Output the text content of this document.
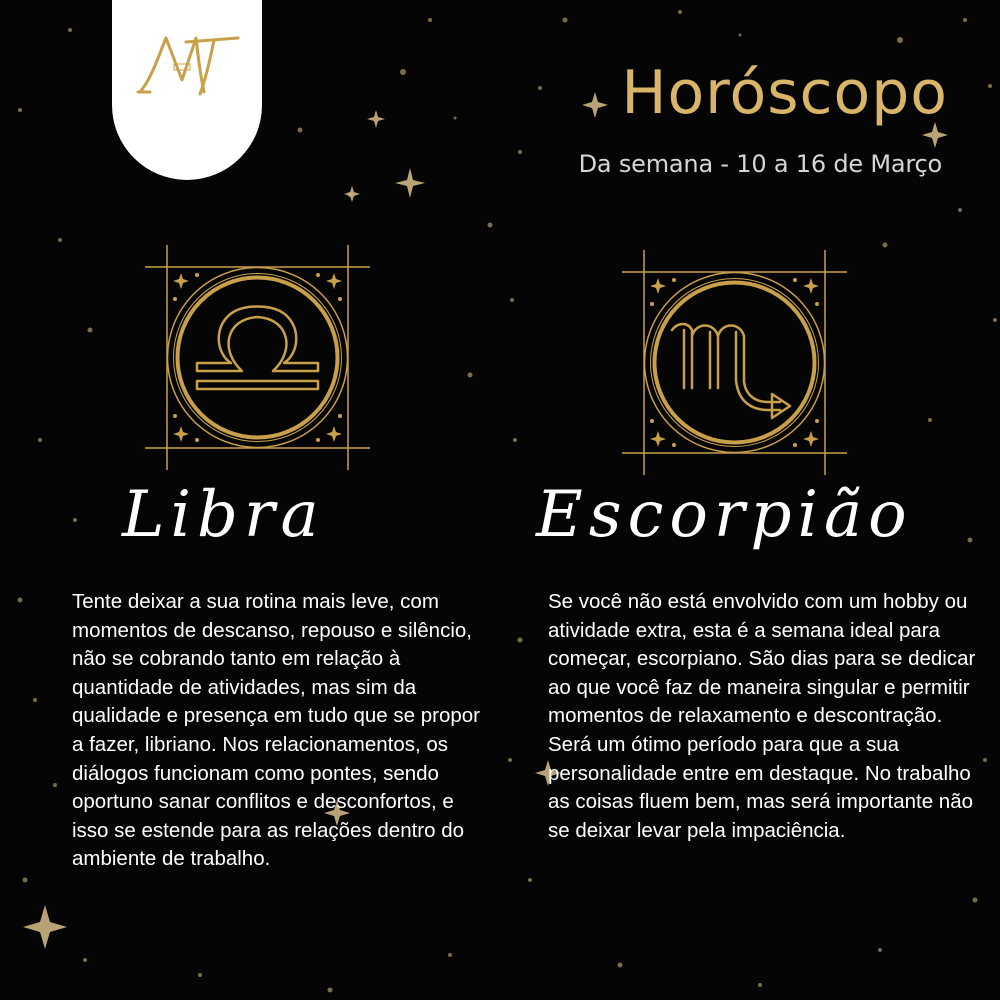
MT
Horóscopo
Da semana - 10 a 16 de Março
Libra	Escorpião

Tente deixar a sua rotina mais leve, com momentos de descanso, repouso e silêncio, não se cobrando tanto em relação à quantidade de atividades, mas sim da qualidade e presença em tudo que se propor a fazer, libriano. Nos relacionamentos, os diálogos funcionam como pontes, sendo oportuno sanar conflitos e desconfortos, e isso se estende para as relações dentro do ambiente de trabalho.

Se você não está envolvido com um hobby ou atividade extra, esta é a semana ideal para começar, escorpiano. São dias para se dedicar ao que você faz de maneira singular e permitir momentos de relaxamento e descontração. Será um ótimo período para que a sua personalidade entre em destaque. No trabalho as coisas fluem bem, mas será importante não se deixar levar pela impaciência.
